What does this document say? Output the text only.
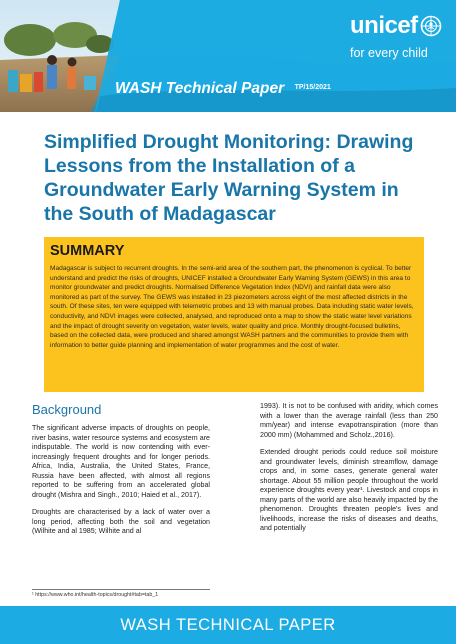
unicef
for every child
WASH Technical Paper $^{TP/15/2021}$
Simplified Drought Monitoring: Drawing Lessons from the Installation of a Groundwater Early Warning System in the South of Madagascar
SUMMARY

Madagascar is subject to recurrent droughts. In the semi-arid area of the southern part, the phenomenon is cyclical. To better understand and predict the risks of droughts, UNICEF installed a Groundwater Early Warning System (GEWS) in this area to monitor groundwater and predict droughts. Normalised Difference Vegetation Index (NDVI) and rainfall data were also monitored as part of the survey. The GEWS was installed in 23 piezometers across eight of the most affected districts in the south. Of these sites, ten were equipped with telemetric probes and 13 with manual probes. Data including static water levels, conductivity, and NDVI images were collected, analysed, and reproduced onto a map to show the static water level variations and the impact of drought severity on vegetation, water levels, water quality and price. Monthly drought-focused bulletins, based on the collected data, were produced and shared amongst WASH partners and the communities to provide them with information to better guide planning and implementation of water programmes and the cost of water.

Background

The significant adverse impacts of droughts on people, river basins, water resource systems and ecosystem are indisputable. The world is now contending with ever-increasingly frequent droughts and for longer periods. Africa, India, Australia, the United States, France, Russia have been affected, with almost all regions reported to be suffering from an accelerated global drought (Mishra and Singh., 2010; Haied et al., 2017).

Droughts are characterised by a lack of water over a long period, affecting both the soil and vegetation (Wilhite and al 1985; Wilhite and al

1993). It is not to be confused with aridity, which comes with a lower than the average rainfall (less than 250 mm/year) and intense evapotranspiration (more than 2000 mm) (Mohammed and Scholz.,2016).

Extended drought periods could reduce soil moisture and groundwater levels, diminish streamflow, damage crops and, in some cases, generate general water shortage. About 55 million people throughout the world experience droughts every year¹. Livestock and crops in many parts of the world are also heavily impacted by the phenomenon. Droughts threaten people's lives and livelihoods, increase the risks of diseases and deaths, and potentially

¹ https://www.who.int/health-topics/drought#tab=tab_1
WASH TECHNICAL PAPER
